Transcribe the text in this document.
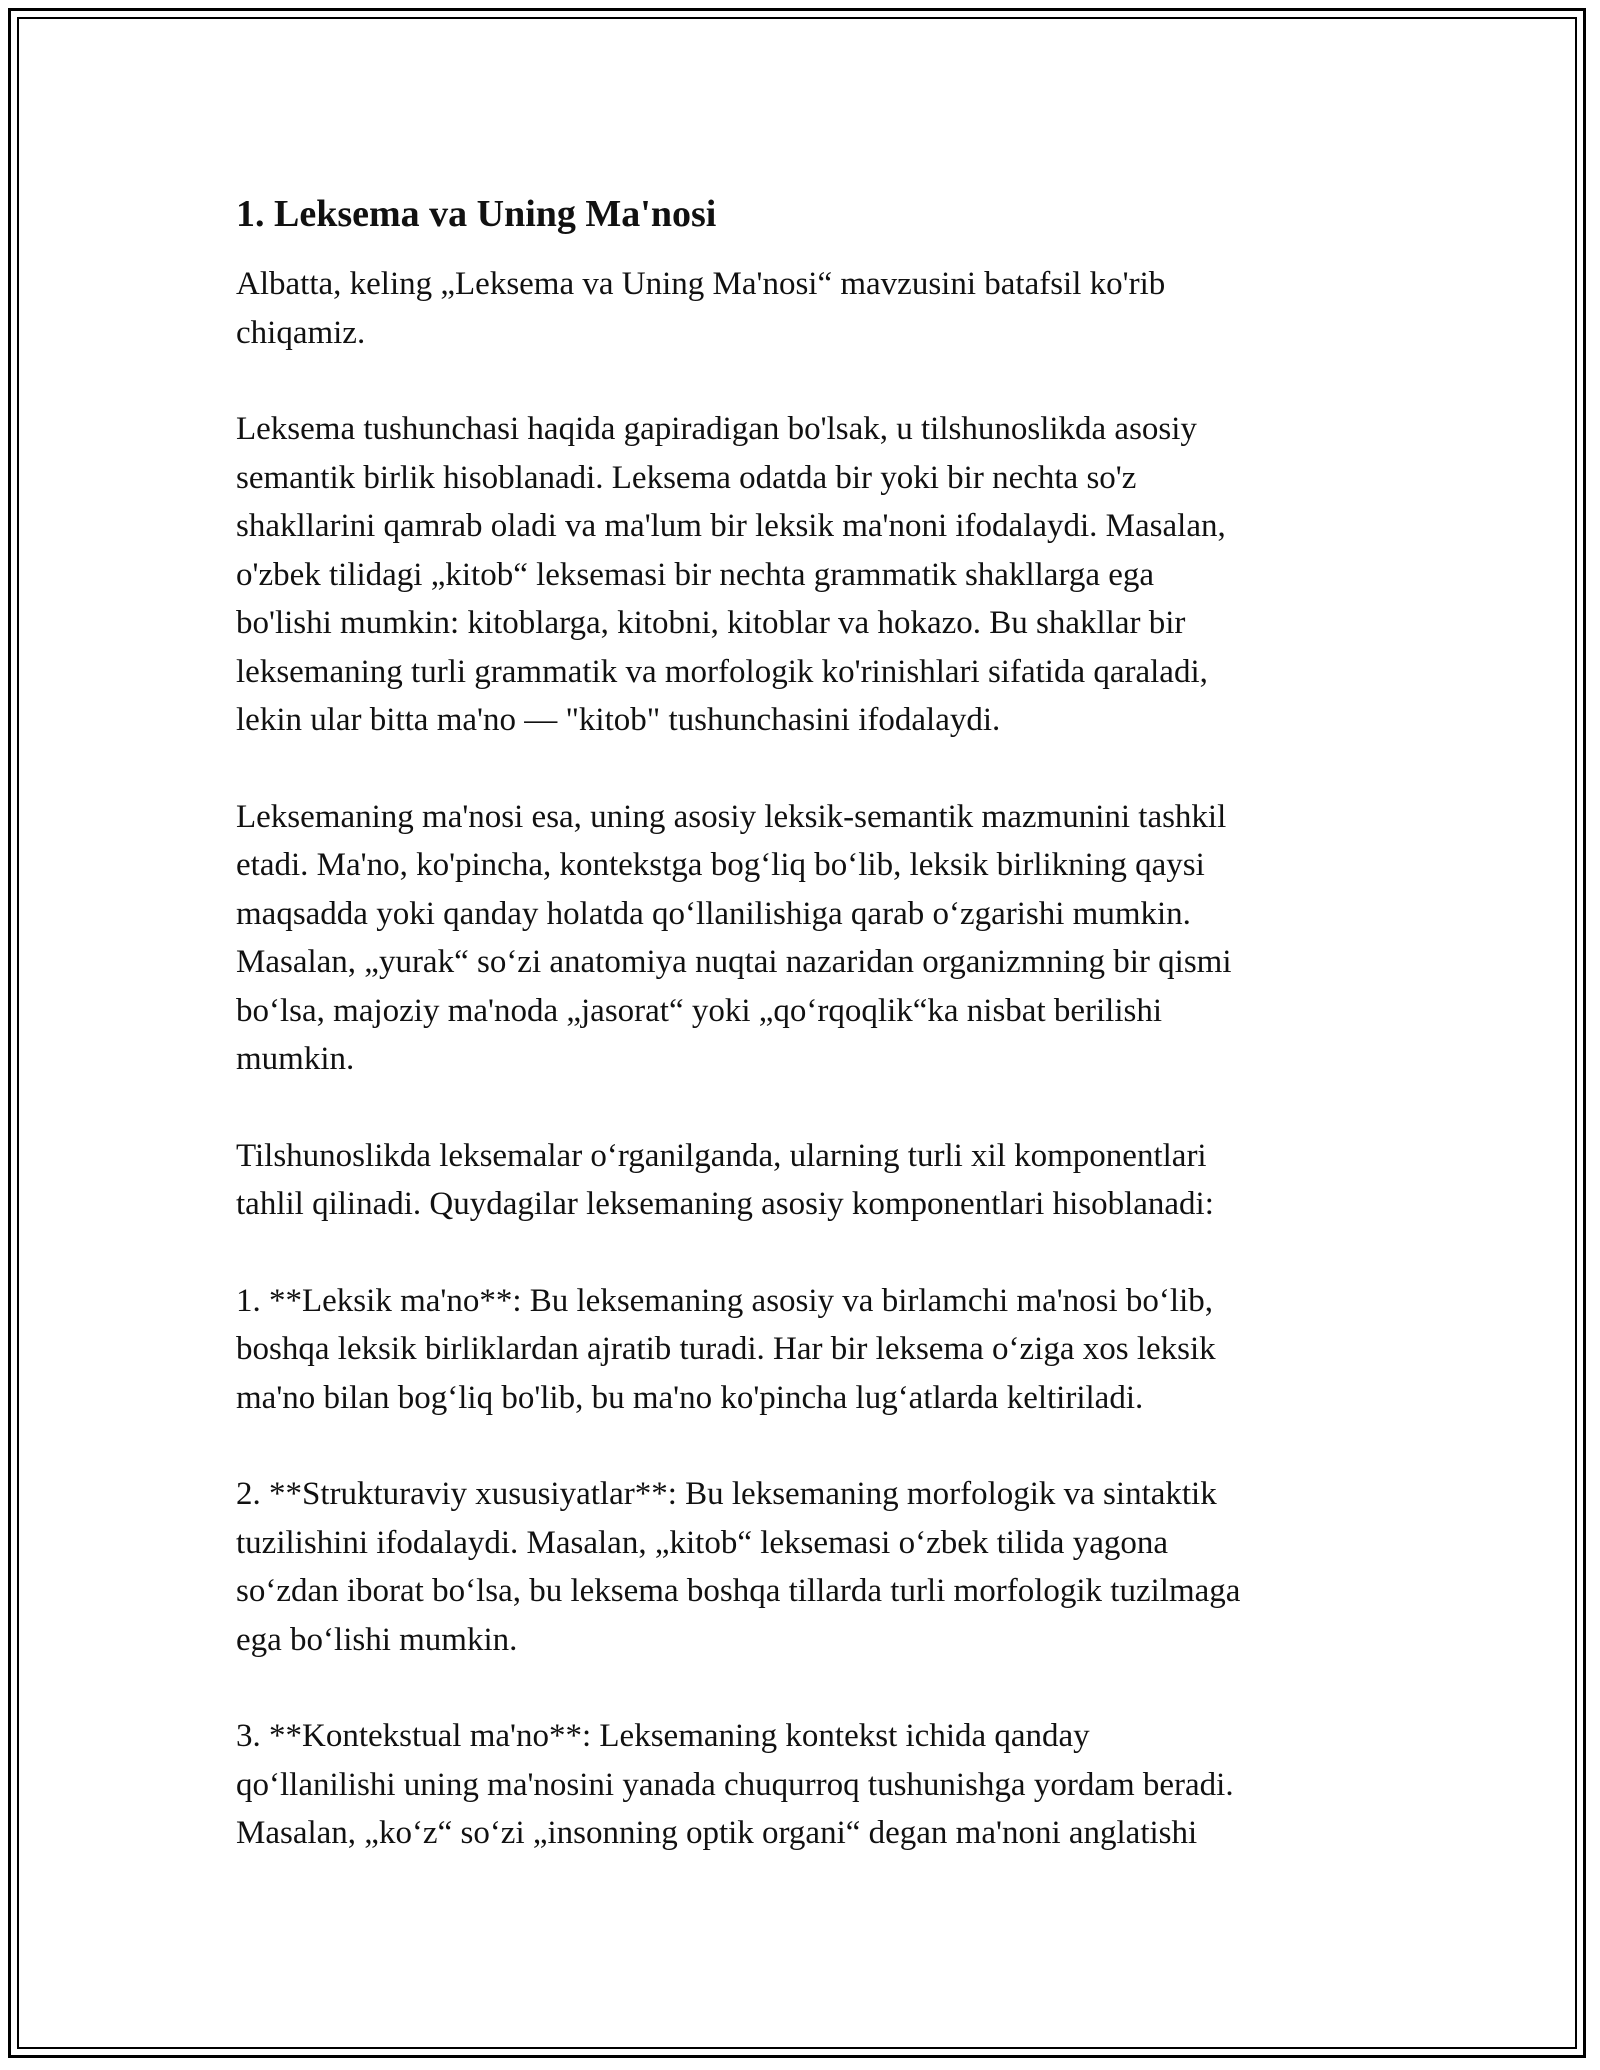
1. Leksema va Uning Ma'nosi

Albatta, keling „Leksema va Uning Ma'nosi“ mavzusini batafsil ko'rib
chiqamiz.

Leksema tushunchasi haqida gapiradigan bo'lsak, u tilshunoslikda asosiy
semantik birlik hisoblanadi. Leksema odatda bir yoki bir nechta so'z
shakllarini qamrab oladi va ma'lum bir leksik ma'noni ifodalaydi. Masalan,
o'zbek tilidagi „kitob“ leksemasi bir nechta grammatik shakllarga ega
bo'lishi mumkin: kitoblarga, kitobni, kitoblar va hokazo. Bu shakllar bir
leksemaning turli grammatik va morfologik ko'rinishlari sifatida qaraladi,
lekin ular bitta ma'no — "kitob" tushunchasini ifodalaydi.

Leksemaning ma'nosi esa, uning asosiy leksik-semantik mazmunini tashkil
etadi. Ma'no, ko'pincha, kontekstga bog‘liq bo‘lib, leksik birlikning qaysi
maqsadda yoki qanday holatda qo‘llanilishiga qarab o‘zgarishi mumkin.
Masalan, „yurak“ so‘zi anatomiya nuqtai nazaridan organizmning bir qismi
bo‘lsa, majoziy ma'noda „jasorat“ yoki „qo‘rqoqlik“ka nisbat berilishi
mumkin.

Tilshunoslikda leksemalar o‘rganilganda, ularning turli xil komponentlari
tahlil qilinadi. Quydagilar leksemaning asosiy komponentlari hisoblanadi:

1. **Leksik ma'no**: Bu leksemaning asosiy va birlamchi ma'nosi bo‘lib,
boshqa leksik birliklardan ajratib turadi. Har bir leksema o‘ziga xos leksik
ma'no bilan bog‘liq bo'lib, bu ma'no ko'pincha lug‘atlarda keltiriladi.

2. **Strukturaviy xususiyatlar**: Bu leksemaning morfologik va sintaktik
tuzilishini ifodalaydi. Masalan, „kitob“ leksemasi o‘zbek tilida yagona
so‘zdan iborat bo‘lsa, bu leksema boshqa tillarda turli morfologik tuzilmaga
ega bo‘lishi mumkin.

3. **Kontekstual ma'no**: Leksemaning kontekst ichida qanday
qo‘llanilishi uning ma'nosini yanada chuqurroq tushunishga yordam beradi.
Masalan, „ko‘z“ so‘zi „insonning optik organi“ degan ma'noni anglatishi
